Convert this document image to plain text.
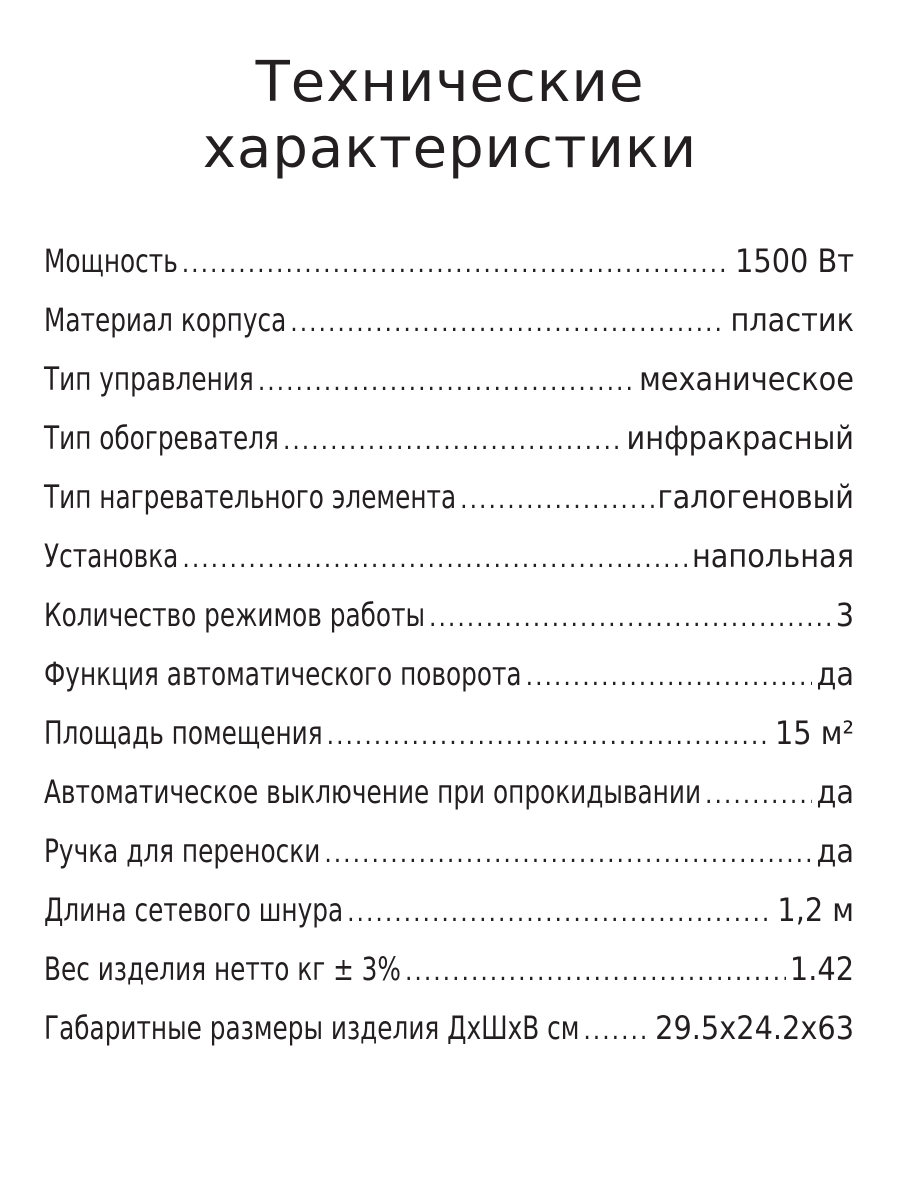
Технические
характеристики
Мощность .....	1500 Вт
Материал корпуса .....	пластик
Тип управления .....	механическое
Тип обогревателя .....	инфракрасный
Тип нагревательного элемента .....	галогеновый
Установка .....	напольная
Количество режимов работы .....	3
Функция автоматического поворота .....	да
Площадь помещения .....	15 м²
Автоматическое выключение при опрокидывании .....	да
Ручка для переноски .....	да
Длина сетевого шнура .....	1,2 м
Вес изделия нетто кг ± 3% .....	1.42
Габаритные размеры изделия ДхШхВ см ..... 29.5x24.2x63
